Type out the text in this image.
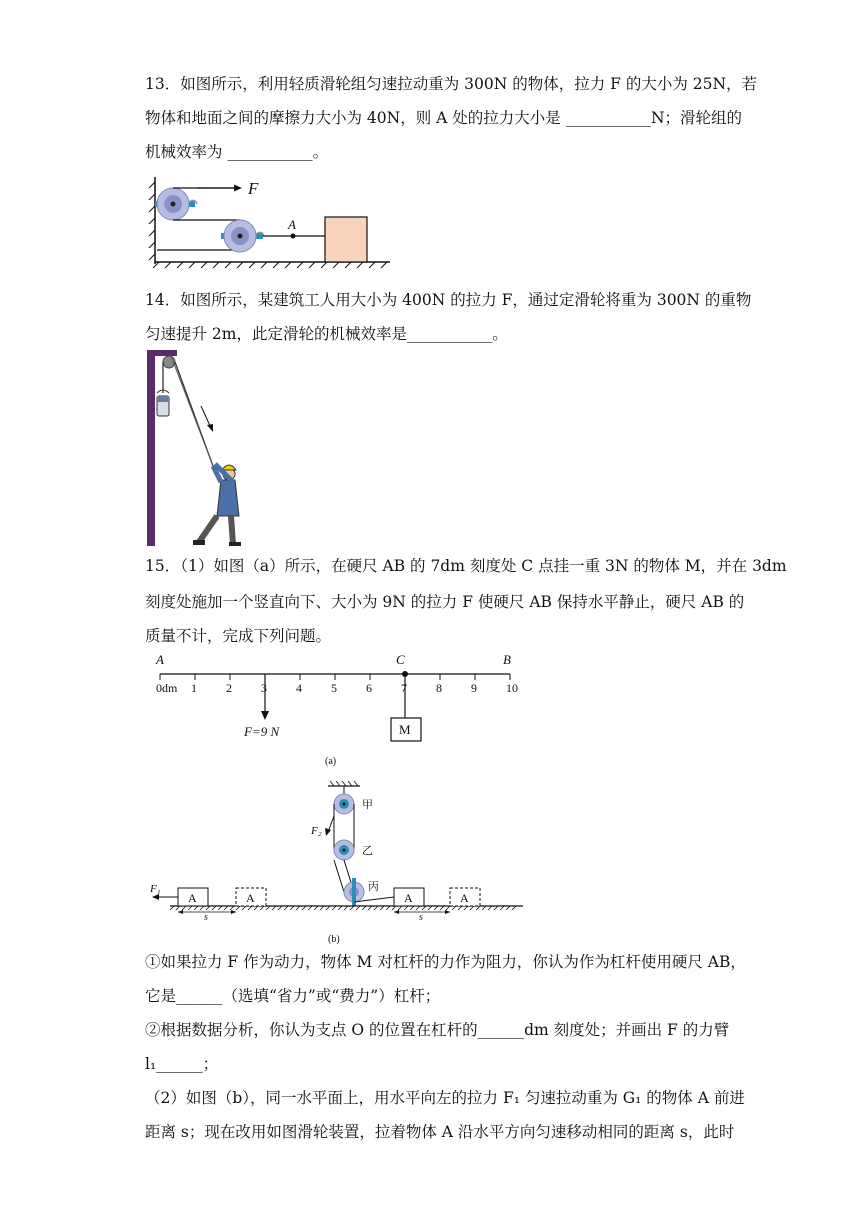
13．如图所示，利用轻质滑轮组匀速拉动重为 300N 的物体，拉力 F 的大小为 25N，若
物体和地面之间的摩擦力大小为 40N，则 A 处的拉力大小是 ___________N；滑轮组的
机械效率为 ___________。
A
F
14．如图所示，某建筑工人用大小为 400N 的拉力 F，通过定滑轮将重为 300N 的重物
匀速提升 2m，此定滑轮的机械效率是___________。
15．（1）如图（a）所示，在硬尺 AB 的 7dm 刻度处 C 点挂一重 3N 的物体 M，并在 3dm
刻度处施加一个竖直向下、大小为 9N 的拉力 F 使硬尺 AB 保持水平静止，硬尺 AB 的
质量不计，完成下列问题。
A	B
C
0dm 1 2 3 4 5 6 7 8 9 10
F=9 N	M
(a)
甲
乙
F₂
丙
F₁
A	A
s
A	A
s
(b)
①如果拉力 F 作为动力，物体 M 对杠杆的力作为阻力，你认为作为杠杆使用硬尺 AB，
它是______（选填“省力”或“费力”）杠杆；
②根据数据分析，你认为支点 O 的位置在杠杆的______dm 刻度处；并画出 F 的力臂
l₁______；
（2）如图（b），同一水平面上，用水平向左的拉力 F₁ 匀速拉动重为 G₁ 的物体 A 前进
距离 s；现在改用如图滑轮装置，拉着物体 A 沿水平方向匀速移动相同的距离 s，此时
